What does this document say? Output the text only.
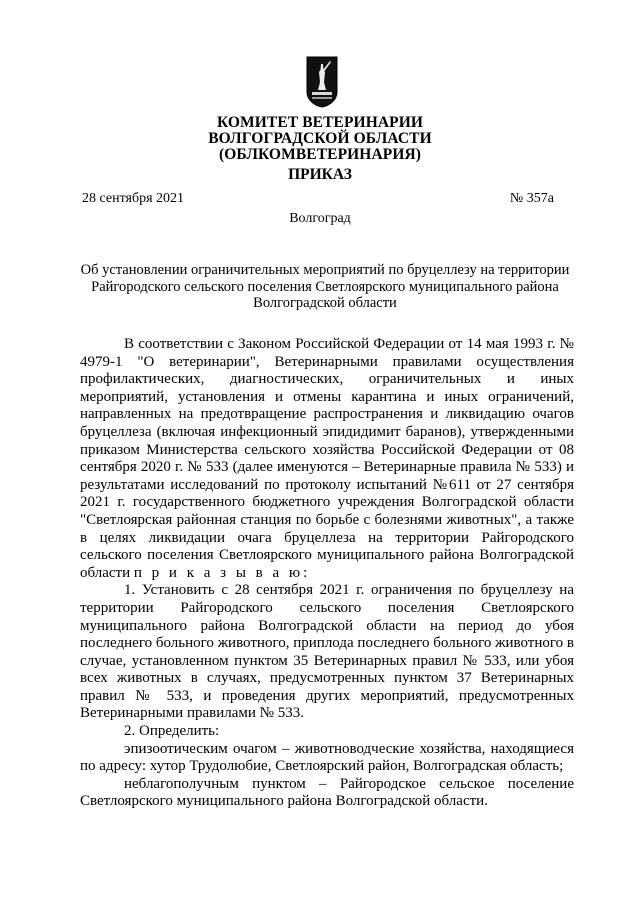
КОМИТЕТ ВЕТЕРИНАРИИ
ВОЛГОГРАДСКОЙ ОБЛАСТИ
(ОБЛКОМВЕТЕРИНАРИЯ)
ПРИКАЗ
28 сентября 2021	№ 357а
Волгоград
Об установлении ограничительных мероприятий по бруцеллезу на территории Райгородского сельского поселения Светлоярского муниципального района Волгоградской области

В соответствии с Законом Российской Федерации от 14 мая 1993 г. № 4979-1 "О ветеринарии", Ветеринарными правилами осуществления профилактических, диагностических, ограничительных и иных мероприятий, установления и отмены карантина и иных ограничений, направленных на предотвращение распространения и ликвидацию очагов бруцеллеза (включая инфекционный эпидидимит баранов), утвержденными приказом Министерства сельского хозяйства Российской Федерации от 08 сентября 2020 г. № 533 (далее именуются – Ветеринарные правила № 533) и результатами исследований по протоколу испытаний №611 от 27 сентября 2021 г. государственного бюджетного учреждения Волгоградской области "Светлоярская районная станция по борьбе с болезнями животных", а также в целях ликвидации очага бруцеллеза на территории Райгородского сельского поселения Светлоярского муниципального района Волгоградской области п р и к а з ы в а ю:

1. Установить с 28 сентября 2021 г. ограничения по бруцеллезу на территории Райгородского сельского поселения Светлоярского муниципального района Волгоградской области на период до убоя последнего больного животного, приплода последнего больного животного в случае, установленном пунктом 35 Ветеринарных правил № 533, или убоя всех животных в случаях, предусмотренных пунктом 37 Ветеринарных правил № 533, и проведения других мероприятий, предусмотренных Ветеринарными правилами № 533.

2. Определить:

эпизоотическим очагом – животноводческие хозяйства, находящиеся по адресу: хутор Трудолюбие, Светлоярский район, Волгоградская область;

неблагополучным пунктом – Райгородское сельское поселение Светлоярского муниципального района Волгоградской области.
